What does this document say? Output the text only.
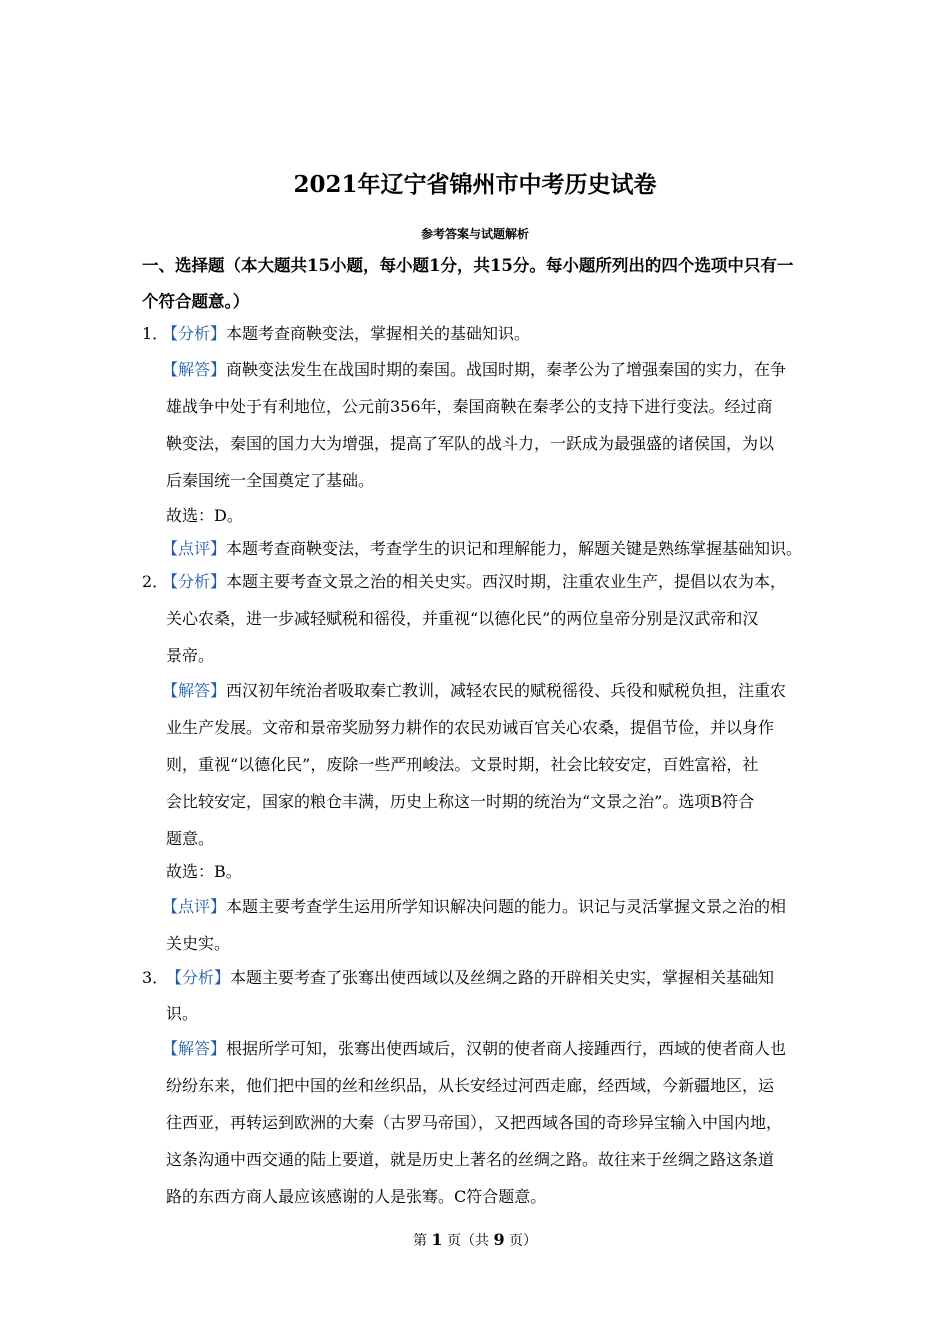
2021年辽宁省锦州市中考历史试卷
参考答案与试题解析
一、选择题（本大题共15小题，每小题1分，共15分。每小题所列出的四个选项中只有一
个符合题意。）
1．
【分析】本题考查商鞅变法，掌握相关的基础知识。
【解答】商鞅变法发生在战国时期的秦国。战国时期，秦孝公为了增强秦国的实力，在争
雄战争中处于有利地位，公元前356年，秦国商鞅在秦孝公的支持下进行变法。经过商
鞅变法，秦国的国力大为增强，提高了军队的战斗力，一跃成为最强盛的诸侯国，为以
后秦国统一全国奠定了基础。
故选：D。
【点评】本题考查商鞅变法，考查学生的识记和理解能力，解题关键是熟练掌握基础知识。
2．
【分析】本题主要考查文景之治的相关史实。西汉时期，注重农业生产，提倡以农为本，
关心农桑，进一步减轻赋税和徭役，并重视“以德化民”的两位皇帝分别是汉武帝和汉
景帝。
【解答】西汉初年统治者吸取秦亡教训，减轻农民的赋税徭役、兵役和赋税负担，注重农
业生产发展。文帝和景帝奖励努力耕作的农民劝诫百官关心农桑，提倡节俭，并以身作
则，重视“以德化民”，废除一些严刑峻法。文景时期，社会比较安定，百姓富裕，社
会比较安定，国家的粮仓丰满，历史上称这一时期的统治为“文景之治”。选项B符合
题意。
故选：B。
【点评】本题主要考查学生运用所学知识解决问题的能力。识记与灵活掌握文景之治的相
关史实。
3．
【分析】本题主要考查了张骞出使西域以及丝绸之路的开辟相关史实，掌握相关基础知
识。
【解答】根据所学可知，张骞出使西域后，汉朝的使者商人接踵西行，西域的使者商人也
纷纷东来，他们把中国的丝和丝织品，从长安经过河西走廊，经西域，今新疆地区，运
往西亚，再转运到欧洲的大秦（古罗马帝国），又把西域各国的奇珍异宝输入中国内地，
这条沟通中西交通的陆上要道，就是历史上著名的丝绸之路。故往来于丝绸之路这条道
路的东西方商人最应该感谢的人是张骞。C符合题意。
第 1 页（共 9 页）
